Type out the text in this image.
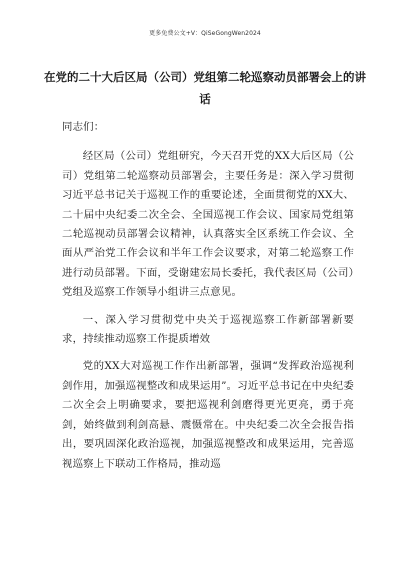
更多免费公文+V：QiSeGongWen2024
在党的二十大后区局（公司）党组第二轮巡察动员部署会上的讲话

同志们：

经区局（公司）党组研究，今天召开党的XX大后区局（公司）党组第二轮巡察动员部署会，主要任务是：深入学习贯彻习近平总书记关于巡视工作的重要论述，全面贯彻党的XX大、二十届中央纪委二次全会、全国巡视工作会议、国家局党组第二轮巡视动员部署会议精神，认真落实全区系统工作会议、全面从严治党工作会议和半年工作会议要求，对第二轮巡察工作进行动员部署。下面，受谢建宏局长委托，我代表区局（公司）党组及巡察工作领导小组讲三点意见。

一、深入学习贯彻党中央关于巡视巡察工作新部署新要求，持续推动巡察工作提质增效

党的XX大对巡视工作作出新部署，强调“发挥政治巡视利剑作用，加强巡视整改和成果运用”。习近平总书记在中央纪委二次全会上明确要求，要把巡视利剑磨得更光更亮，勇于亮剑，始终做到利剑高悬、震慑常在。中央纪委二次全会报告指出，要巩固深化政治巡视，加强巡视整改和成果运用，完善巡视巡察上下联动工作格局，推动巡
